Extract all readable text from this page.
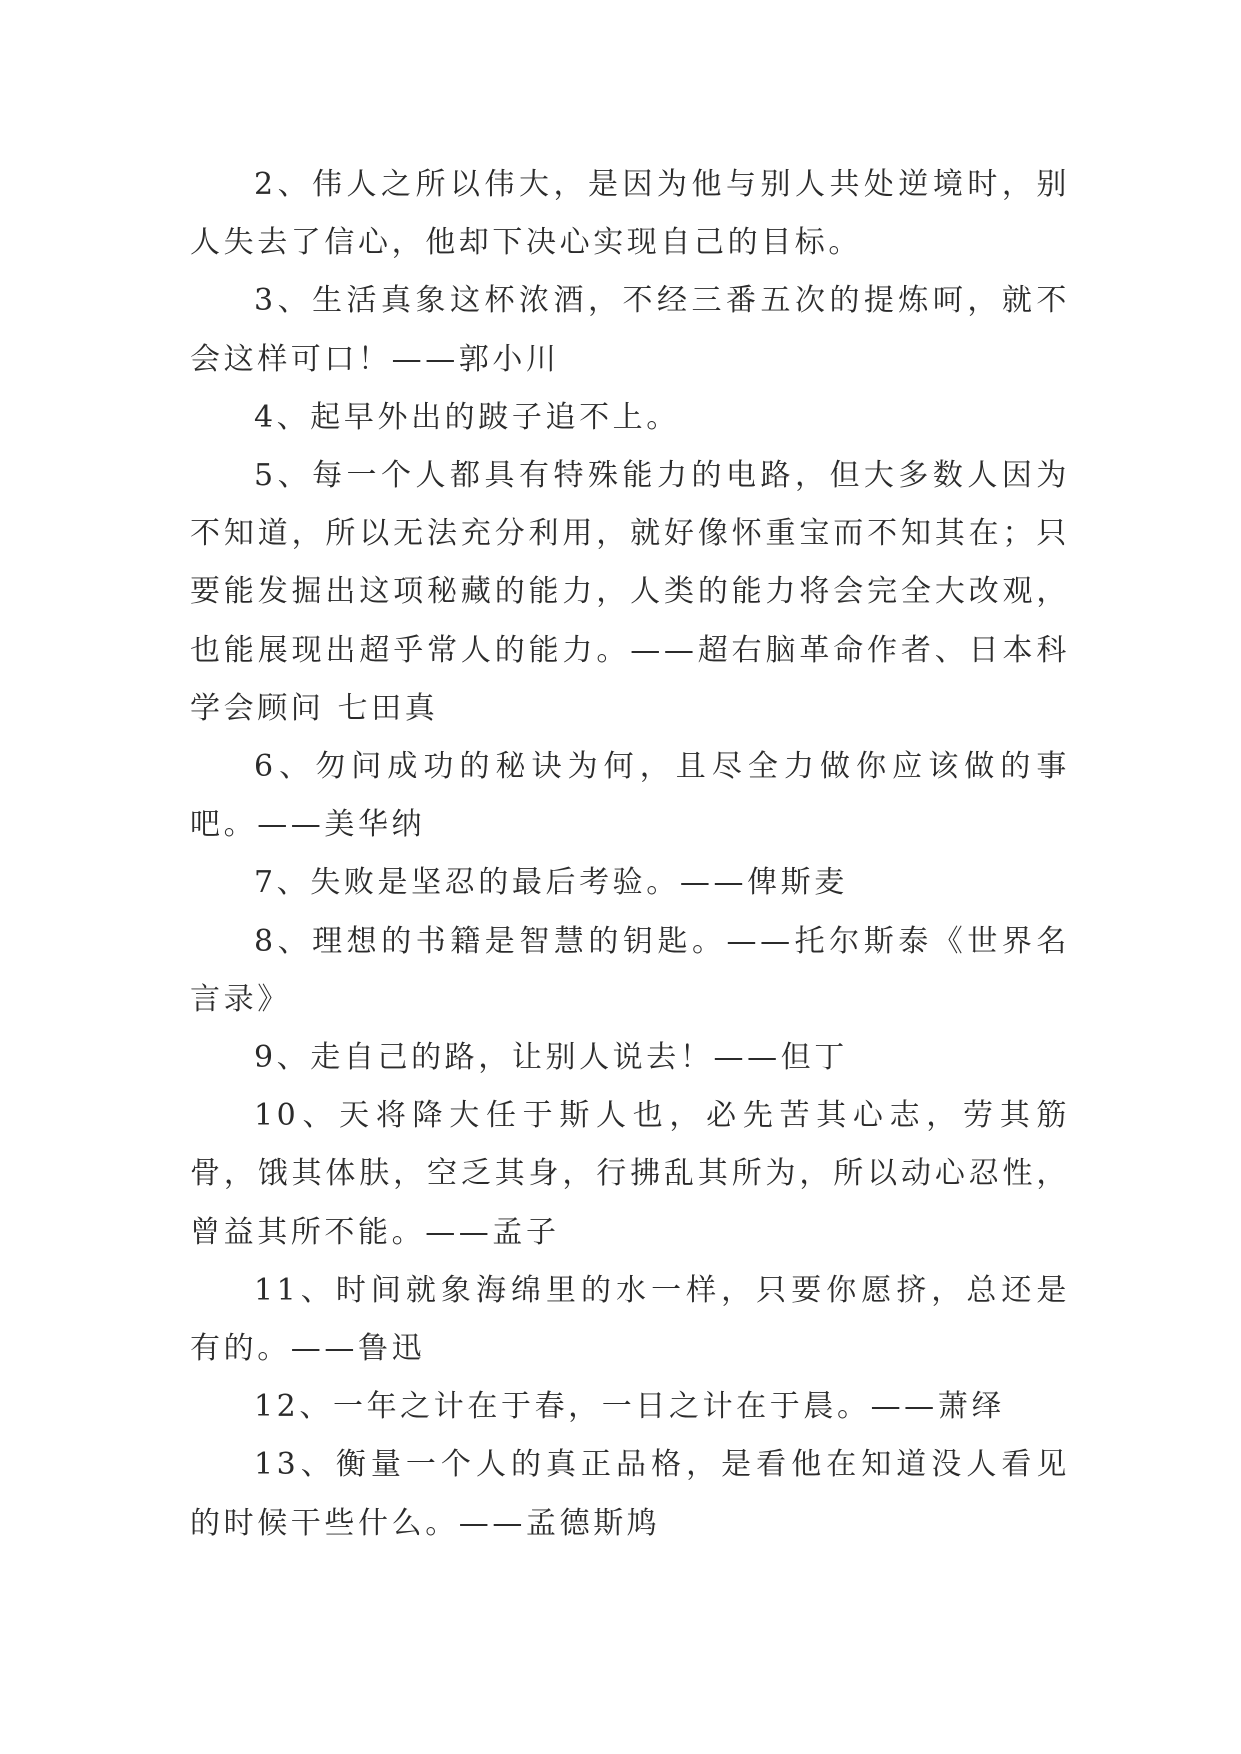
2、伟人之所以伟大，是因为他与别人共处逆境时，别人失去了信心，他却下决心实现自己的目标。

3、生活真象这杯浓酒，不经三番五次的提炼呵，就不会这样可口！——郭小川

4、起早外出的跛子追不上。

5、每一个人都具有特殊能力的电路，但大多数人因为不知道，所以无法充分利用，就好像怀重宝而不知其在；只要能发掘出这项秘藏的能力，人类的能力将会完全大改观，也能展现出超乎常人的能力。——超右脑革命作者、日本科学会顾问 七田真

6、勿问成功的秘诀为何，且尽全力做你应该做的事吧。——美华纳

7、失败是坚忍的最后考验。——俾斯麦

8、理想的书籍是智慧的钥匙。——托尔斯泰《世界名言录》

9、走自己的路，让别人说去！——但丁

10、天将降大任于斯人也，必先苦其心志，劳其筋骨，饿其体肤，空乏其身，行拂乱其所为，所以动心忍性，曾益其所不能。——孟子

11、时间就象海绵里的水一样，只要你愿挤，总还是有的。——鲁迅

12、一年之计在于春，一日之计在于晨。——萧绎

13、衡量一个人的真正品格，是看他在知道没人看见的时候干些什么。——孟德斯鸠
